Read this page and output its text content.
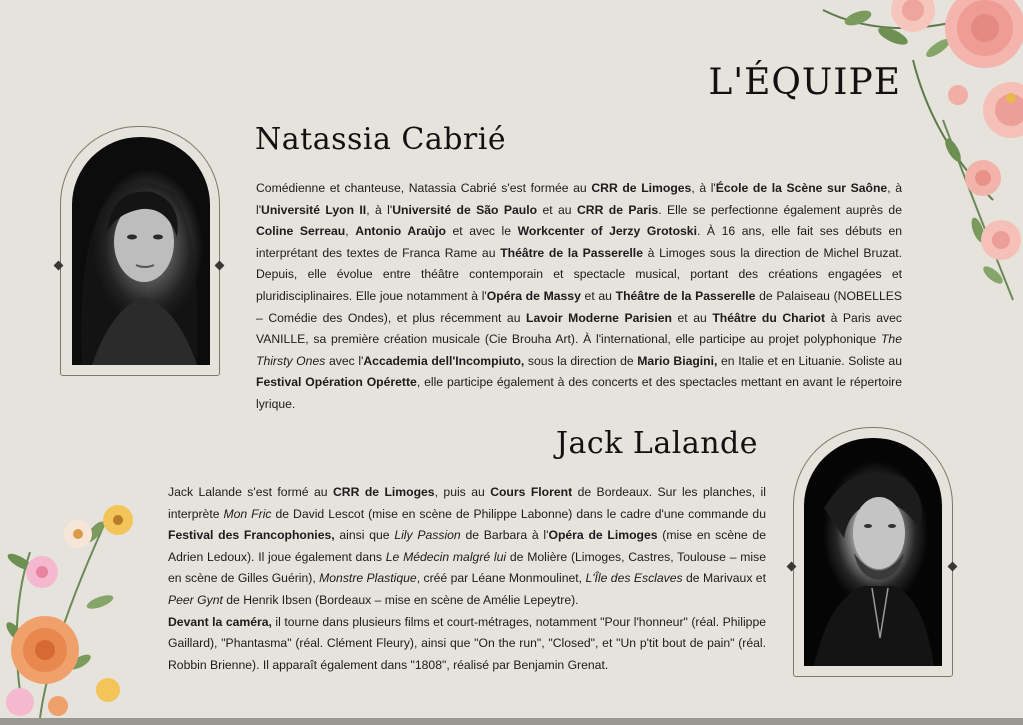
L'ÉQUIPE
Natassia Cabrié
Comédienne et chanteuse, Natassia Cabrié s'est formée au CRR de Limoges, à l'École de la Scène sur Saône, à l'Université Lyon II, à l'Université de São Paulo et au CRR de Paris. Elle se perfectionne également auprès de Coline Serreau, Antonio Araùjo et avec le Workcenter of Jerzy Grotoski. À 16 ans, elle fait ses débuts en interprétant des textes de Franca Rame au Théâtre de la Passerelle à Limoges sous la direction de Michel Bruzat. Depuis, elle évolue entre théâtre contemporain et spectacle musical, portant des créations engagées et pluridisciplinaires. Elle joue notamment à l'Opéra de Massy et au Théâtre de la Passerelle de Palaiseau (NOBELLES – Comédie des Ondes), et plus récemment au Lavoir Moderne Parisien et au Théâtre du Chariot à Paris avec VANILLE, sa première création musicale (Cie Brouha Art). À l'international, elle participe au projet polyphonique The Thirsty Ones avec l'Accademia dell'Incompiuto, sous la direction de Mario Biagini, en Italie et en Lituanie. Soliste au Festival Opération Opérette, elle participe également à des concerts et des spectacles mettant en avant le répertoire lyrique.
Jack Lalande
Jack Lalande s'est formé au CRR de Limoges, puis au Cours Florent de Bordeaux. Sur les planches, il interprète Mon Fric de David Lescot (mise en scène de Philippe Labonne) dans le cadre d'une commande du Festival des Francophonies, ainsi que Lily Passion de Barbara à l'Opéra de Limoges (mise en scène de Adrien Ledoux). Il joue également dans Le Médecin malgré lui de Molière (Limoges, Castres, Toulouse – mise en scène de Gilles Guérin), Monstre Plastique, créé par Léane Monmoulinet, L'Île des Esclaves de Marivaux et Peer Gynt de Henrik Ibsen (Bordeaux – mise en scène de Amélie Lepeytre).
Devant la caméra, il tourne dans plusieurs films et court-métrages, notamment "Pour l'honneur" (réal. Philippe Gaillard), "Phantasma" (réal. Clément Fleury), ainsi que "On the run", "Closed", et "Un p'tit bout de pain" (réal. Robbin Brienne). Il apparaît également dans "1808", réalisé par Benjamin Grenat.
